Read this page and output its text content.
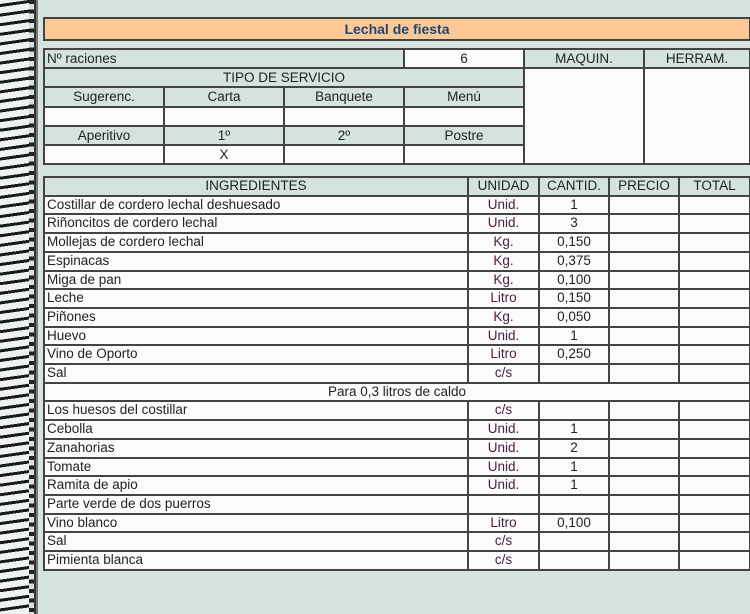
Lechal de fiesta
Nº raciones			6	MAQUIN.	HERRAM.
TIPO DE SERVICIO					
Sugerenc.	Carta	Banquete	Menú		

Aperitivo	1º	2º	Postre		
	X				
INGREDIENTES	UNIDAD	CANTID.	PRECIO	TOTAL
Costillar de cordero lechal deshuesado	Unid.	1		
Riñoncitos de cordero lechal	Unid.	3		
Mollejas de cordero lechal	Kg.	0,150		
Espinacas	Kg.	0,375		
Miga de pan	Kg.	0,100		
Leche	Litro	0,150		
Piñones	Kg.	0,050		
Huevo	Unid.	1		
Vino de Oporto	Litro	0,250		
Sal	c/s			
Para 0,3 litros de caldo				
Los huesos del costillar	c/s			
Cebolla	Unid.	1		
Zanahorias	Unid.	2		
Tomate	Unid.	1		
Ramita de apio	Unid.	1		
Parte verde de dos puerros				
Vino blanco	Litro	0,100		
Sal	c/s			
Pimienta blanca	c/s			
